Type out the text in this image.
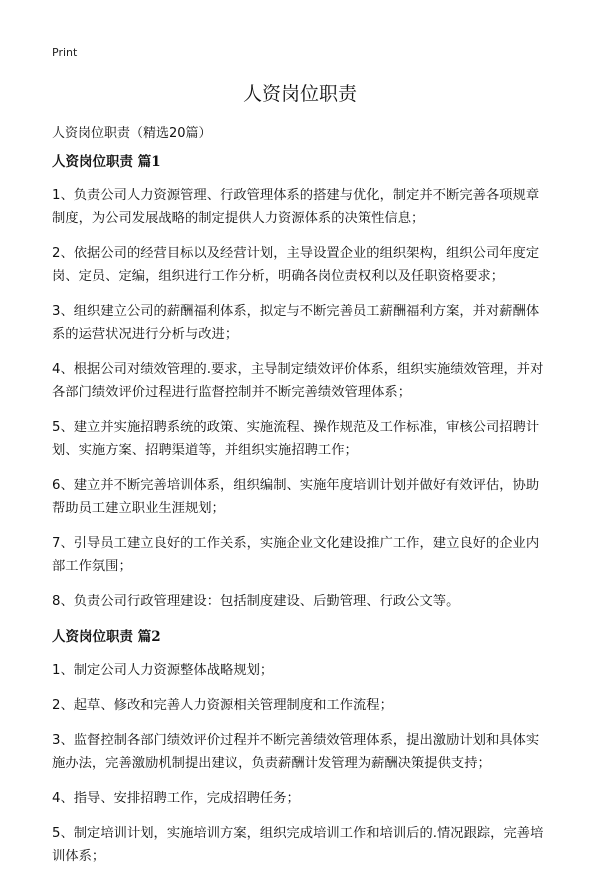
Print
人资岗位职责
人资岗位职责（精选20篇）
人资岗位职责 篇1

1、负责公司人力资源管理、行政管理体系的搭建与优化，制定并不断完善各项规章制度，为公司发展战略的制定提供人力资源体系的决策性信息；

2、依据公司的经营目标以及经营计划，主导设置企业的组织架构，组织公司年度定岗、定员、定编，组织进行工作分析，明确各岗位责权利以及任职资格要求；

3、组织建立公司的薪酬福利体系，拟定与不断完善员工薪酬福利方案，并对薪酬体系的运营状况进行分析与改进；

4、根据公司对绩效管理的.要求，主导制定绩效评价体系，组织实施绩效管理，并对各部门绩效评价过程进行监督控制并不断完善绩效管理体系；

5、建立并实施招聘系统的政策、实施流程、操作规范及工作标准，审核公司招聘计划、实施方案、招聘渠道等，并组织实施招聘工作；

6、建立并不断完善培训体系，组织编制、实施年度培训计划并做好有效评估，协助帮助员工建立职业生涯规划；

7、引导员工建立良好的工作关系，实施企业文化建设推广工作，建立良好的企业内部工作氛围；

8、负责公司行政管理建设：包括制度建设、后勤管理、行政公文等。

人资岗位职责 篇2

1、制定公司人力资源整体战略规划；

2、起草、修改和完善人力资源相关管理制度和工作流程；

3、监督控制各部门绩效评价过程并不断完善绩效管理体系，提出激励计划和具体实施办法，完善激励机制提出建议，负责薪酬计发管理为薪酬决策提供支持；

4、指导、安排招聘工作，完成招聘任务；

5、制定培训计划，实施培训方案，组织完成培训工作和培训后的.情况跟踪，完善培训体系；
